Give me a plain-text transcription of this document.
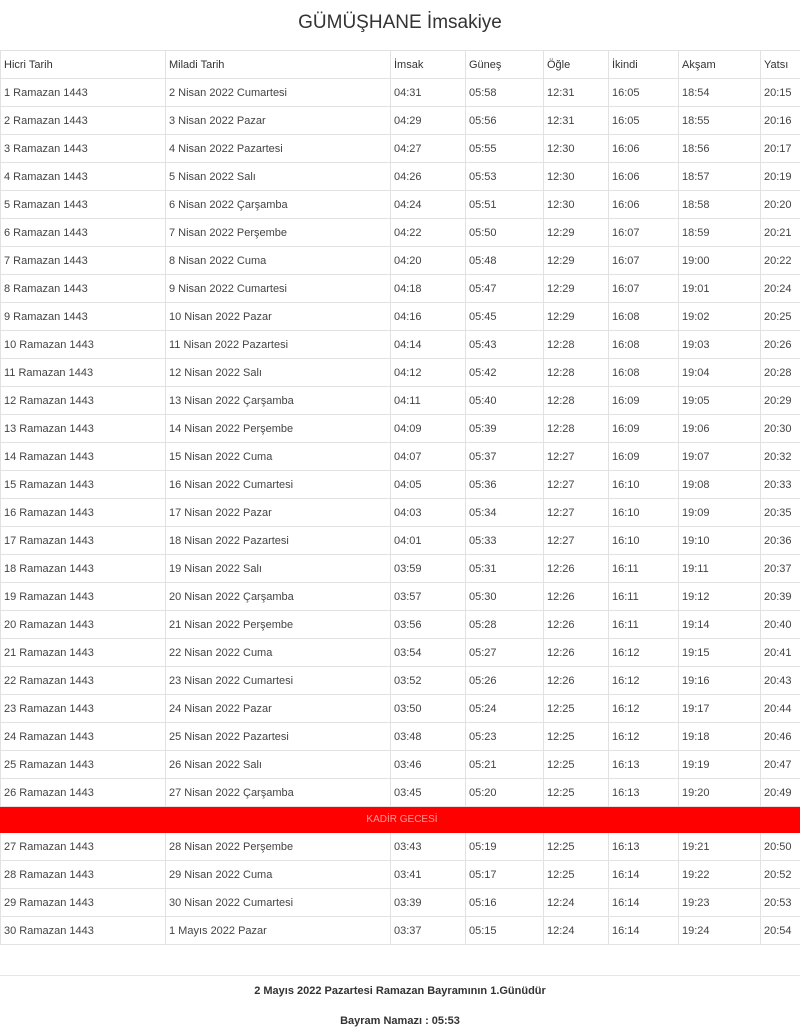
GÜMÜŞHANE İmsakiye
Hicri Tarih	Miladi Tarih	İmsak	Güneş	Öğle	İkindi	Akşam	Yatsı
1 Ramazan 1443	2 Nisan 2022 Cumartesi	04:31	05:58	12:31	16:05	18:54	20:15
2 Ramazan 1443	3 Nisan 2022 Pazar	04:29	05:56	12:31	16:05	18:55	20:16
3 Ramazan 1443	4 Nisan 2022 Pazartesi	04:27	05:55	12:30	16:06	18:56	20:17
4 Ramazan 1443	5 Nisan 2022 Salı	04:26	05:53	12:30	16:06	18:57	20:19
5 Ramazan 1443	6 Nisan 2022 Çarşamba	04:24	05:51	12:30	16:06	18:58	20:20
6 Ramazan 1443	7 Nisan 2022 Perşembe	04:22	05:50	12:29	16:07	18:59	20:21
7 Ramazan 1443	8 Nisan 2022 Cuma	04:20	05:48	12:29	16:07	19:00	20:22
8 Ramazan 1443	9 Nisan 2022 Cumartesi	04:18	05:47	12:29	16:07	19:01	20:24
9 Ramazan 1443	10 Nisan 2022 Pazar	04:16	05:45	12:29	16:08	19:02	20:25
10 Ramazan 1443	11 Nisan 2022 Pazartesi	04:14	05:43	12:28	16:08	19:03	20:26
11 Ramazan 1443	12 Nisan 2022 Salı	04:12	05:42	12:28	16:08	19:04	20:28
12 Ramazan 1443	13 Nisan 2022 Çarşamba	04:11	05:40	12:28	16:09	19:05	20:29
13 Ramazan 1443	14 Nisan 2022 Perşembe	04:09	05:39	12:28	16:09	19:06	20:30
14 Ramazan 1443	15 Nisan 2022 Cuma	04:07	05:37	12:27	16:09	19:07	20:32
15 Ramazan 1443	16 Nisan 2022 Cumartesi	04:05	05:36	12:27	16:10	19:08	20:33
16 Ramazan 1443	17 Nisan 2022 Pazar	04:03	05:34	12:27	16:10	19:09	20:35
17 Ramazan 1443	18 Nisan 2022 Pazartesi	04:01	05:33	12:27	16:10	19:10	20:36
18 Ramazan 1443	19 Nisan 2022 Salı	03:59	05:31	12:26	16:11	19:11	20:37
19 Ramazan 1443	20 Nisan 2022 Çarşamba	03:57	05:30	12:26	16:11	19:12	20:39
20 Ramazan 1443	21 Nisan 2022 Perşembe	03:56	05:28	12:26	16:11	19:14	20:40
21 Ramazan 1443	22 Nisan 2022 Cuma	03:54	05:27	12:26	16:12	19:15	20:41
22 Ramazan 1443	23 Nisan 2022 Cumartesi	03:52	05:26	12:26	16:12	19:16	20:43
23 Ramazan 1443	24 Nisan 2022 Pazar	03:50	05:24	12:25	16:12	19:17	20:44
24 Ramazan 1443	25 Nisan 2022 Pazartesi	03:48	05:23	12:25	16:12	19:18	20:46
25 Ramazan 1443	26 Nisan 2022 Salı	03:46	05:21	12:25	16:13	19:19	20:47
26 Ramazan 1443	27 Nisan 2022 Çarşamba	03:45	05:20	12:25	16:13	19:20	20:49
KADİR GECESİ							
27 Ramazan 1443	28 Nisan 2022 Perşembe	03:43	05:19	12:25	16:13	19:21	20:50
28 Ramazan 1443	29 Nisan 2022 Cuma	03:41	05:17	12:25	16:14	19:22	20:52
29 Ramazan 1443	30 Nisan 2022 Cumartesi	03:39	05:16	12:24	16:14	19:23	20:53
30 Ramazan 1443	1 Mayıs 2022 Pazar	03:37	05:15	12:24	16:14	19:24	20:54
2 Mayıs 2022 Pazartesi Ramazan Bayramının 1.Günüdür
Bayram Namazı : 05:53
